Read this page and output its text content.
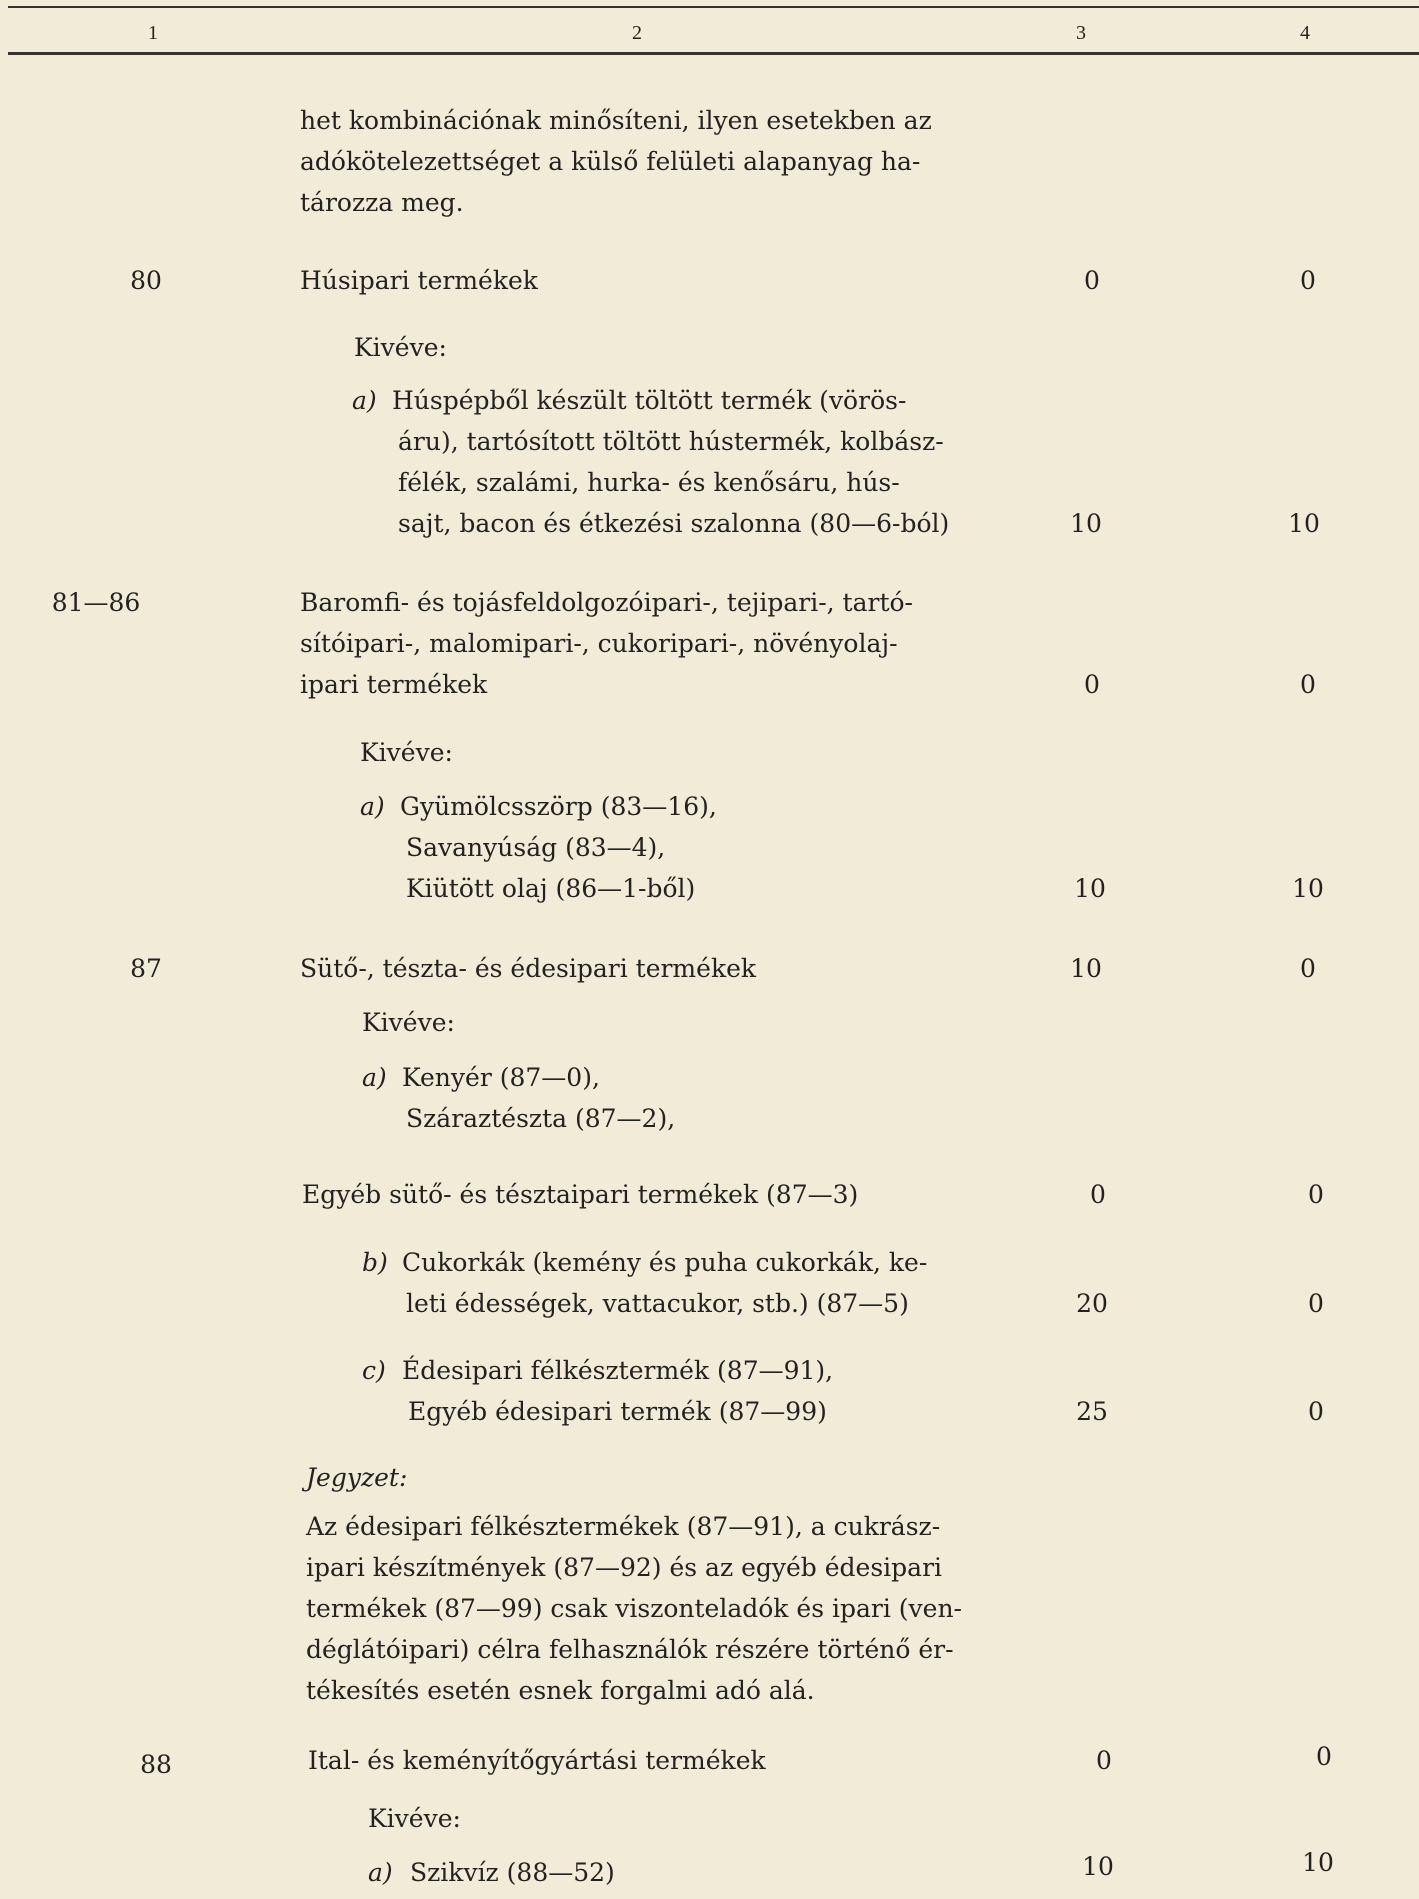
1	2	3	4
het kombinációnak minősíteni, ilyen esetekben az
adókötelezettséget a külső felületi alapanyag ha-
tározza meg.
80	Húsipari termékek	0	0
Kivéve:
a) Húspépből készült töltött termék (vörös-
áru), tartósított töltött hústermék, kolbász-
félék, szalámi, hurka- és kenősáru, hús-
sajt, bacon és étkezési szalonna (80—6-ból)	10	10
81—86	Baromfi- és tojásfeldolgozóipari-, tejipari-, tartó-
sítóipari-, malomipari-, cukoripari-, növényolaj-
ipari termékek	0	0
Kivéve:
a) Gyümölcsszörp (83—16),
Savanyúság (83—4),
Kiütött olaj (86—1-ből)	10	10
87	Sütő-, tészta- és édesipari termékek	10	0
Kivéve:
a) Kenyér (87—0),
Száraztészta (87—2),
Egyéb sütő- és tésztaipari termékek (87—3)	0	0
b) Cukorkák (kemény és puha cukorkák, ke-
leti édességek, vattacukor, stb.) (87—5)	20	0
c) Édesipari félkésztermék (87—91),
Egyéb édesipari termék (87—99)	25	0
Jegyzet:
Az édesipari félkésztermékek (87—91), a cukrász-
ipari készítmények (87—92) és az egyéb édesipari
termékek (87—99) csak viszonteladók és ipari (ven-
déglátóipari) célra felhasználók részére történő ér-
tékesítés esetén esnek forgalmi adó alá.
88	Ital- és keményítőgyártási termékek	0	0
Kivéve:
a) Szikvíz (88—52)	10	10
